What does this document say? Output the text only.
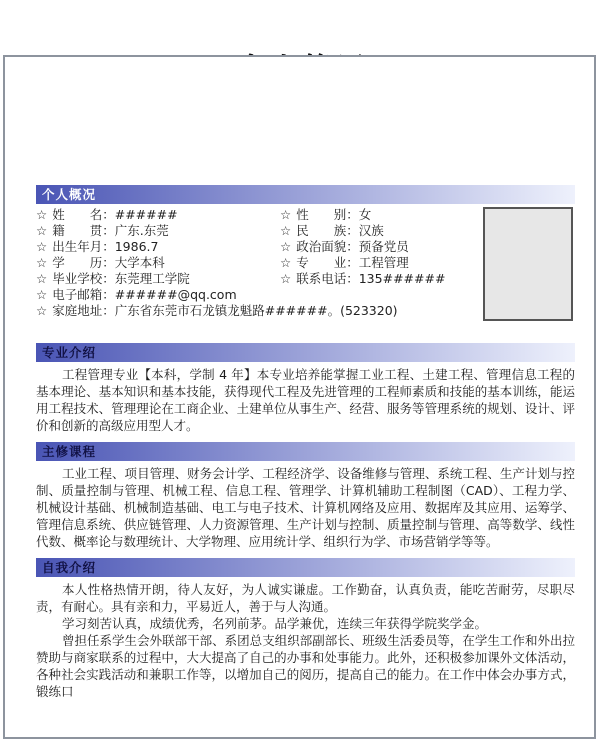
个人概况
☆ 姓　　名：######	☆ 性　　别：女
☆ 籍　　贯：广东.东莞	☆ 民　　族：汉族
☆ 出生年月：1986.7	☆ 政治面貌：预备党员
☆ 学　　历：大学本科	☆ 专　　业：工程管理
☆ 毕业学校：东莞理工学院	☆ 联系电话：135######
☆ 电子邮箱：######@qq.com
☆ 家庭地址：广东省东莞市石龙镇龙魁路######。(523320)
专业介绍

工程管理专业【本科，学制 4 年】本专业培养能掌握工业工程、土建工程、管理信息工程的基本理论、基本知识和基本技能，获得现代工程及先进管理的工程师素质和技能的基本训练，能运用工程技术、管理理论在工商企业、土建单位从事生产、经营、服务等管理系统的规划、设计、评价和创新的高级应用型人才。

主修课程

工业工程、项目管理、财务会计学、工程经济学、设备维修与管理、系统工程、生产计划与控制、质量控制与管理、机械工程、信息工程、管理学、计算机辅助工程制图（CAD）、工程力学、机械设计基础、机械制造基础、电工与电子技术、计算机网络及应用、数据库及其应用、运筹学、管理信息系统、供应链管理、人力资源管理、生产计划与控制、质量控制与管理、高等数学、线性代数、概率论与数理统计、大学物理、应用统计学、组织行为学、市场营销学等等。

自我介绍

本人性格热情开朗，待人友好，为人诚实谦虚。工作勤奋，认真负责，能吃苦耐劳，尽职尽责，有耐心。具有亲和力，平易近人，善于与人沟通。

学习刻苦认真，成绩优秀，名列前茅。品学兼优，连续三年获得学院奖学金。

曾担任系学生会外联部干部、系团总支组织部副部长、班级生活委员等，在学生工作和外出拉赞助与商家联系的过程中，大大提高了自己的办事和处事能力。此外，还积极参加课外文体活动，各种社会实践活动和兼职工作等，以增加自己的阅历，提高自己的能力。在工作中体会办事方式，锻练口
